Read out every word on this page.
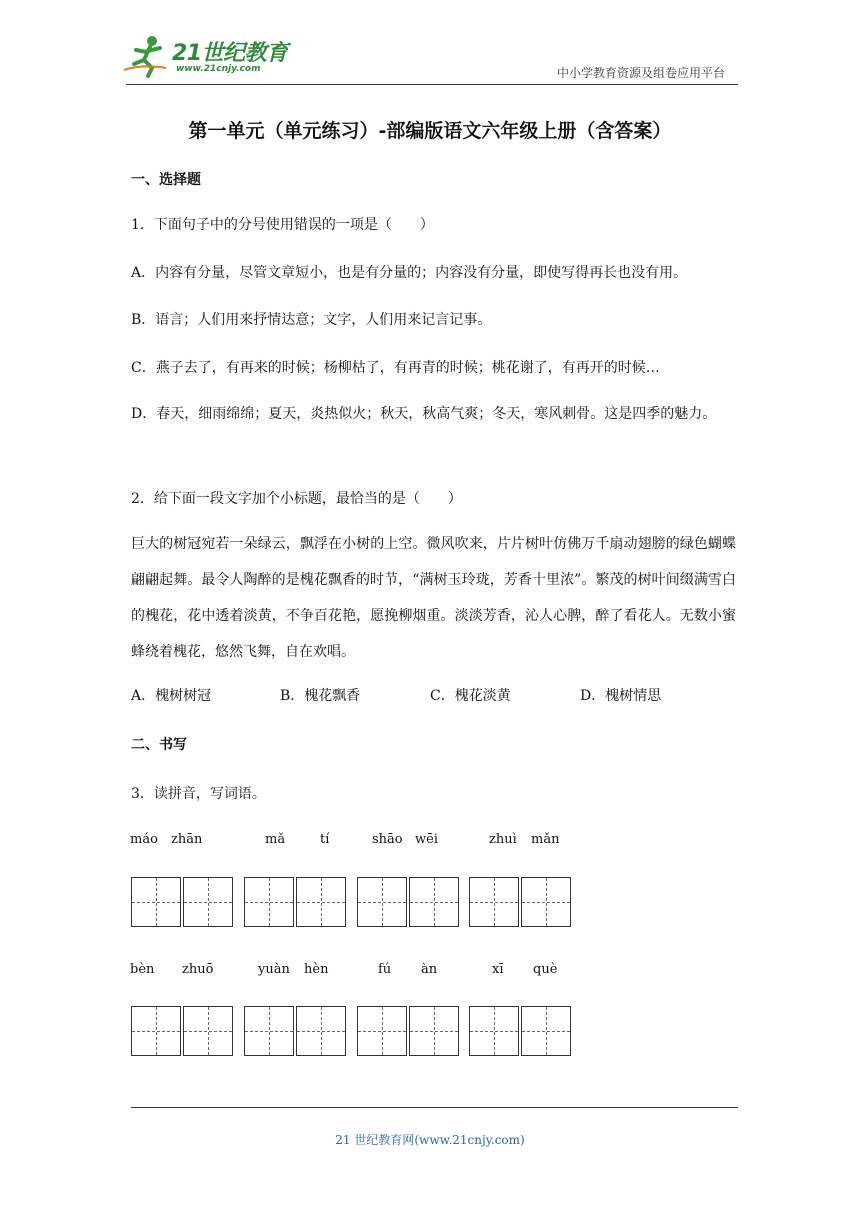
21世纪教育
www.21cnjy.com	中小学教育资源及组卷应用平台
第一单元（单元练习）-部编版语文六年级上册（含答案）
一、选择题
1．下面句子中的分号使用错误的一项是（　　）
A．内容有分量，尽管文章短小，也是有分量的；内容没有分量，即使写得再长也没有用。
B．语言；人们用来抒情达意；文字，人们用来记言记事。
C．燕子去了，有再来的时候；杨柳枯了，有再青的时候；桃花谢了，有再开的时候…
D．春天，细雨绵绵；夏天，炎热似火；秋天，秋高气爽；冬天，寒风刺骨。这是四季的魅力。
2．给下面一段文字加个小标题，最恰当的是（　　）
巨大的树冠宛若一朵绿云，飘浮在小树的上空。微风吹来，片片树叶仿佛万千扇动翅膀的绿色蝴蝶翩翩起舞。最令人陶醉的是槐花飘香的时节，“满树玉玲珑，芳香十里浓”。繁茂的树叶间缀满雪白的槐花，花中透着淡黄，不争百花艳，愿挽柳烟重。淡淡芳香，沁人心脾，醉了看花人。无数小蜜蜂绕着槐花，悠然飞舞，自在欢唱。
A．槐树树冠	B．槐花飘香	C．槐花淡黄	D．槐树情思
二、书写
3．读拼音，写词语。
máo zhān	mǎ	tí	shāo wēi	zhuì mǎn
bèn zhuō	yuàn hèn	fú àn	xī què
21 世纪教育网(www.21cnjy.com)
